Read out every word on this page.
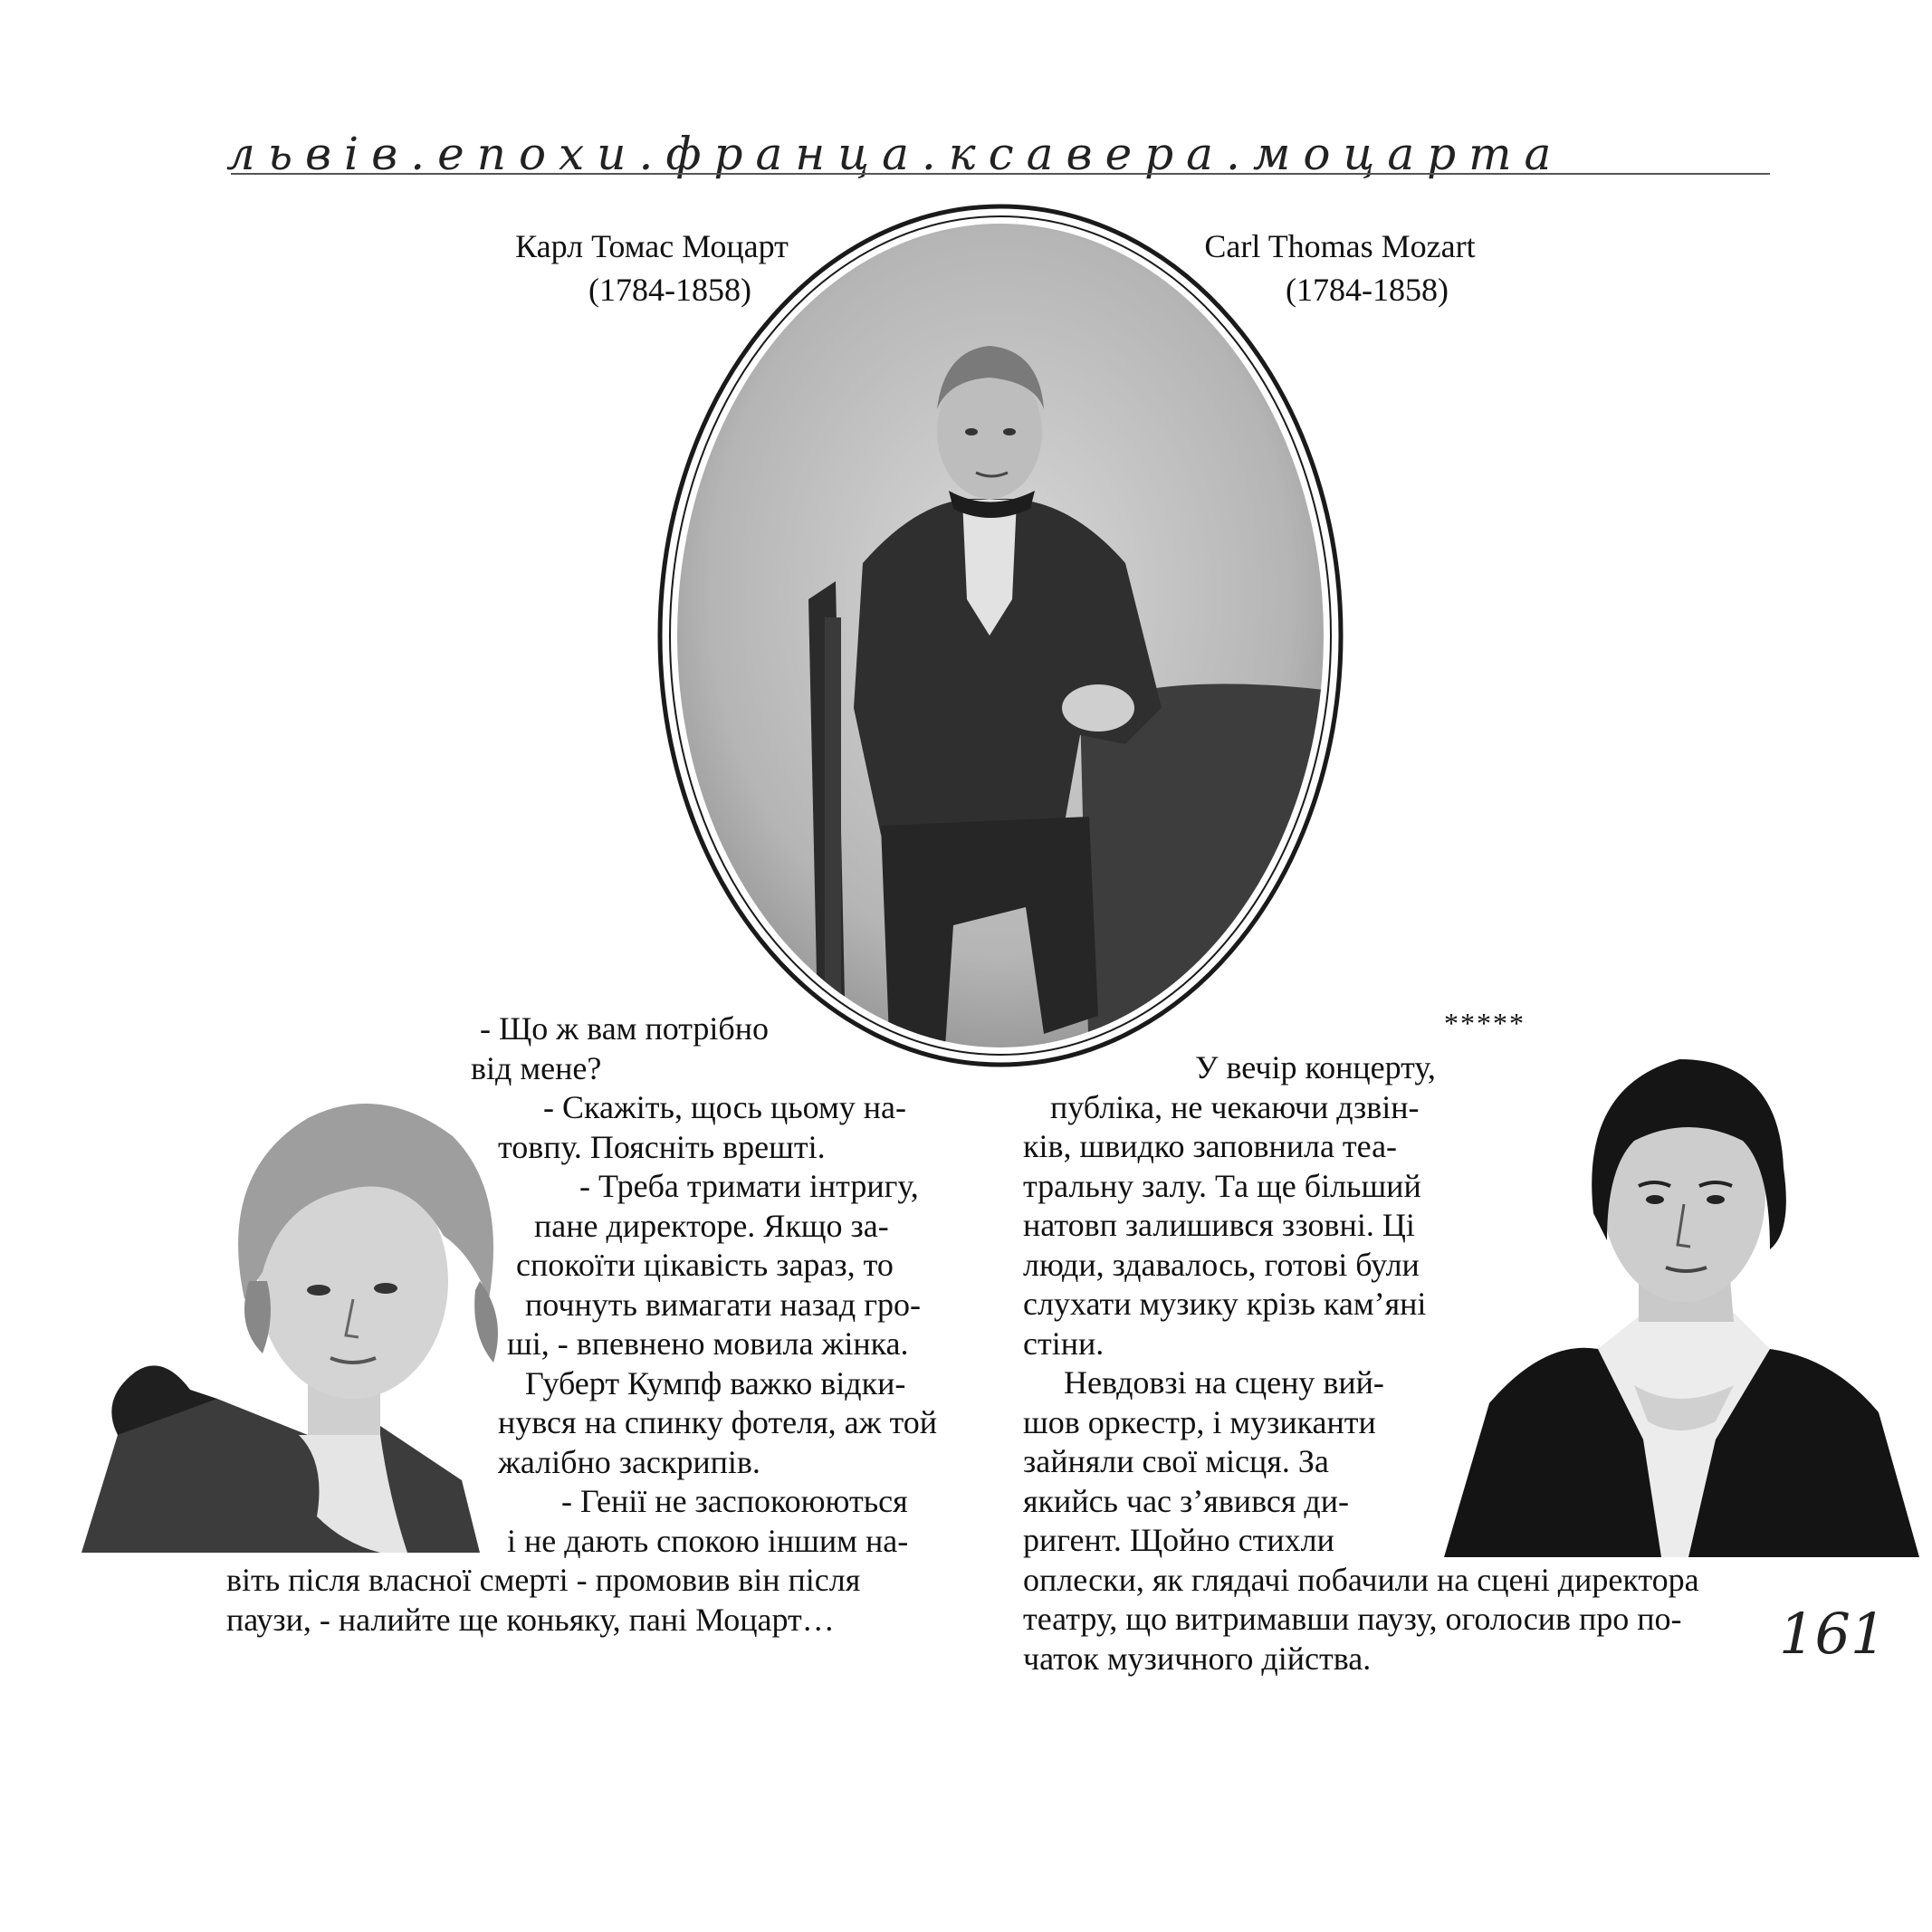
львів.епохи.франца.ксавера.моцарта
Карл Томас Моцарт
(1784-1858)
Carl Thomas Mozart
(1784-1858)
- Що ж вам потрібно
від мене?
- Скажіть, щось цьому на-
товпу. Поясніть врешті.
- Треба тримати інтригу,
пане директоре. Якщо за-
спокоїти цікавість зараз, то
почнуть вимагати назад гро-
ші, - впевнено мовила жінка.
Губерт Кумпф важко відки-
нувся на спинку фотеля, аж той
жалібно заскрипів.
- Генії не заспокоюються
і не дають спокою іншим на-
віть після власної смерті - промовив він після
паузи, - налийте ще коньяку, пані Моцарт…
*****
У вечір концерту,
публіка, не чекаючи дзвін-
ків, швидко заповнила теа-
тральну залу. Та ще більший
натовп залишився ззовні. Ці
люди, здавалось, готові були
слухати музику крізь кам’яні
стіни.
Невдовзі на сцену вий-
шов оркестр, і музиканти
зайняли свої місця. За
якийсь час з’явився ди-
ригент. Щойно стихли
оплески, як глядачі побачили на сцені директора
театру, що витримавши паузу, оголосив про по-
чаток музичного дійства.	161
